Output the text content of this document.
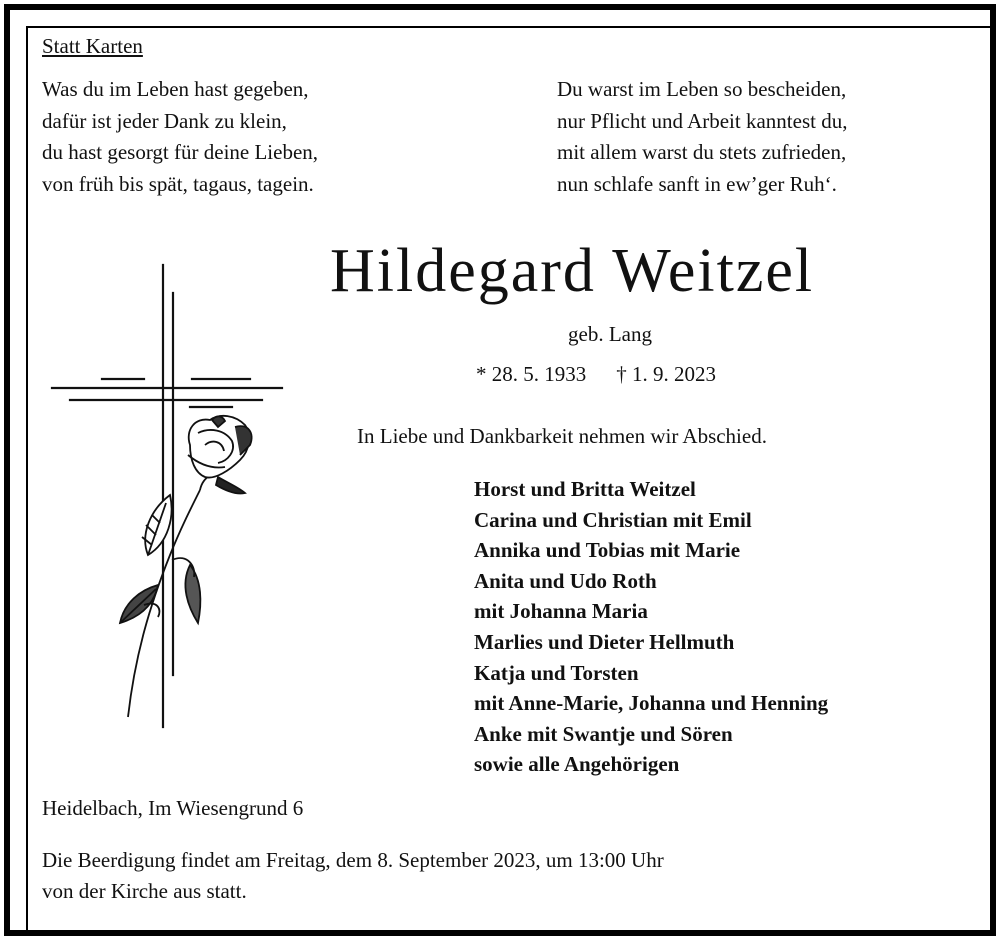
Statt Karten
Was du im Leben hast gegeben,
dafür ist jeder Dank zu klein,
du hast gesorgt für deine Lieben,
von früh bis spät, tagaus, tagein.
Du warst im Leben so bescheiden,
nur Pflicht und Arbeit kanntest du,
mit allem warst du stets zufrieden,
nun schlafe sanft in ew’ger Ruh‘.
Hildegard Weitzel
geb. Lang
* 28. 5. 1933 † 1. 9. 2023
In Liebe und Dankbarkeit nehmen wir Abschied.
Horst und Britta Weitzel
Carina und Christian mit Emil
Annika und Tobias mit Marie
Anita und Udo Roth
mit Johanna Maria
Marlies und Dieter Hellmuth
Katja und Torsten
mit Anne-Marie, Johanna und Henning
Anke mit Swantje und Sören
sowie alle Angehörigen
Heidelbach, Im Wiesengrund 6
Die Beerdigung findet am Freitag, dem 8. September 2023, um 13:00 Uhr
von der Kirche aus statt.
